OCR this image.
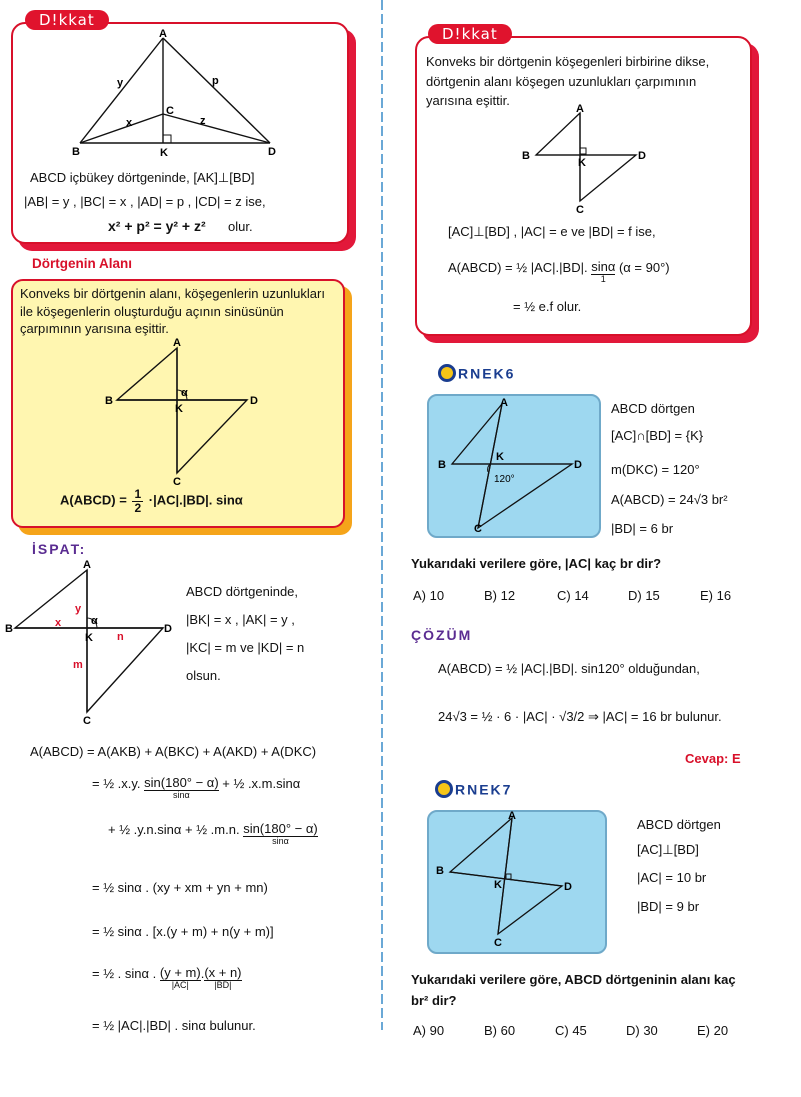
D!kkat
A
B
C
D
K
y	p
x	z
ABCD içbükey dörtgeninde, [AK]⊥[BD]
|AB| = y , |BC| = x , |AD| = p , |CD| = z ise,
x² + p² = y² + z² olur.
Dörtgenin Alanı
Konveks bir dörtgenin alanı, köşegenlerin uzunlukları ile köşegenlerin oluşturduğu açının sinüsünün çarpımının yarısına eşittir.
A
B
C
D
K
α
A(ABCD) = $\frac{1}{2} \cdot|AC|.|BD|$. sinα
İSPAT:
A
B
C
D
K
x
y
m
n
α
ABCD dörtgeninde,
|BK| = x , |AK| = y ,
|KC| = m ve |KD| = n
olsun.
A(ABCD) = A(AKB) + A(BKC) + A(AKD) + A(DKC)
= ½ .x.y. sin(180° − α)
sinα
+ ½ .x.m.sinα
+ ½ .y.n.sinα + ½ .m.n. sin(180° − α)
sinα
= ½ sinα . (xy + xm + yn + mn)
= ½ sinα . [x.(y + m) + n(y + m)]
= ½ . sinα . (y + m)
|AC|
. (x + n)
|BD|
= ½ |AC|.|BD| . sinα bulunur.
D!kkat
Konveks bir dörtgenin köşegenleri birbirine dikse, dörtgenin alanı köşegen uzunlukları çarpımının yarısına eşittir.
A
B
C
D
K
[AC]⊥[BD] , |AC| = e ve |BD| = f ise,
A(ABCD) = ½ |AC|.|BD|. sinα
1
(α = 90°)
= ½ e.f olur.
RNEK6
A
B
C
D
K
120°
ABCD dörtgen
[AC]∩[BD] = {K}
m(DKC) = 120°
A(ABCD) = 24√3 br²
|BD| = 6 br
Yukarıdaki verilere göre, |AC| kaç br dir?
A) 10	B) 12	C) 14	D) 15	E) 16
ÇÖZÜM
A(ABCD) = ½ |AC|.|BD|. sin120° olduğundan,
24√3 = ½ · 6 · |AC| · √3/2 ⇒ |AC| = 16 br bulunur.
Cevap: E
RNEK7
A
B
C
D
K
ABCD dörtgen
[AC]⊥[BD]
|AC| = 10 br
|BD| = 9 br
Yukarıdaki verilere göre, ABCD dörtgeninin alanı kaç br² dir?
A) 90	B) 60	C) 45	D) 30	E) 20
